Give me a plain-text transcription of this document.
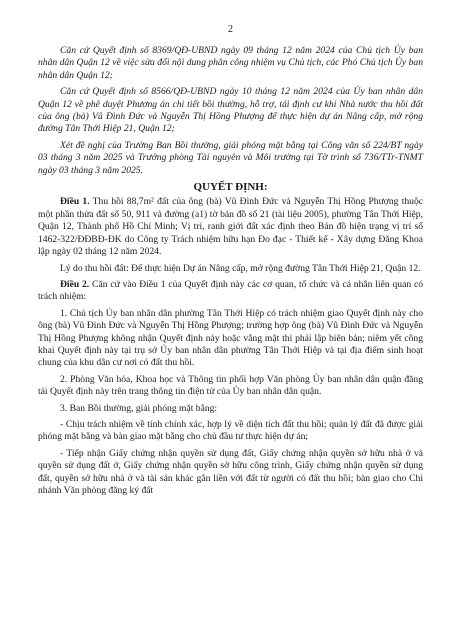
2

Căn cứ Quyết định số 8369/QĐ-UBND ngày 09 tháng 12 năm 2024 của Chủ tịch Ủy ban nhân dân Quận 12 về việc sửa đổi nội dung phân công nhiệm vụ Chủ tịch, các Phó Chủ tịch Ủy ban nhân dân Quận 12;

Căn cứ Quyết định số 8566/QĐ-UBND ngày 10 tháng 12 năm 2024 của Ủy ban nhân dân Quận 12 về phê duyệt Phương án chi tiết bồi thường, hỗ trợ, tái định cư khi Nhà nước thu hồi đất của ông (bà) Vũ Đình Đức và Nguyễn Thị Hồng Phượng để thực hiện dự án Nâng cấp, mở rộng đường Tân Thới Hiệp 21, Quận 12;

Xét đề nghị của Trưởng Ban Bồi thường, giải phóng mặt bằng tại Công văn số 224/BT ngày 03 tháng 3 năm 2025 và Trưởng phòng Tài nguyên và Môi trường tại Tờ trình số 736/TTr-TNMT ngày 03 tháng 3 năm 2025.

QUYẾT ĐỊNH:

Điều 1. Thu hồi 88,7m² đất của ông (bà) Vũ Đình Đức và Nguyễn Thị Hồng Phượng thuộc một phần thửa đất số 50, 911 và đường (a1) tờ bản đồ số 21 (tài liệu 2005), phường Tân Thới Hiệp, Quận 12, Thành phố Hồ Chí Minh; Vị trí, ranh giới đất xác định theo Bản đồ hiện trạng vị trí số 1462-322/ĐĐBĐ-ĐK do Công ty Trách nhiệm hữu hạn Đo đạc - Thiết kế - Xây dựng Đăng Khoa lập ngày 02 tháng 12 năm 2024.

Lý do thu hồi đất: Để thực hiện Dự án Nâng cấp, mở rộng đường Tân Thới Hiệp 21, Quận 12.

Điều 2. Căn cứ vào Điều 1 của Quyết định này các cơ quan, tổ chức và cá nhân liên quan có trách nhiệm:

1. Chủ tịch Ủy ban nhân dân phường Tân Thới Hiệp có trách nhiệm giao Quyết định này cho ông (bà) Vũ Đình Đức và Nguyễn Thị Hồng Phượng; trường hợp ông (bà) Vũ Đình Đức và Nguyễn Thị Hồng Phượng không nhận Quyết định này hoặc vắng mặt thì phải lập biên bản; niêm yết công khai Quyết định này tại trụ sở Ủy ban nhân dân phường Tân Thới Hiệp và tại địa điểm sinh hoạt chung của khu dân cư nơi có đất thu hồi.

2. Phòng Văn hóa, Khoa học và Thông tin phối hợp Văn phòng Ủy ban nhân dân quận đăng tải Quyết định này trên trang thông tin điện tử của Ủy ban nhân dân quận.

3. Ban Bồi thường, giải phóng mặt bằng:

- Chịu trách nhiệm về tính chính xác, hợp lý về diện tích đất thu hồi; quản lý đất đã được giải phóng mặt bằng và bàn giao mặt bằng cho chủ đầu tư thực hiện dự án;

- Tiếp nhận Giấy chứng nhận quyền sử dụng đất, Giấy chứng nhận quyền sở hữu nhà ở và quyền sử dụng đất ở, Giấy chứng nhận quyền sở hữu công trình, Giấy chứng nhận quyền sử dụng đất, quyền sở hữu nhà ở và tài sản khác gắn liền với đất từ người có đất thu hồi; bàn giao cho Chi nhánh Văn phòng đăng ký đất
